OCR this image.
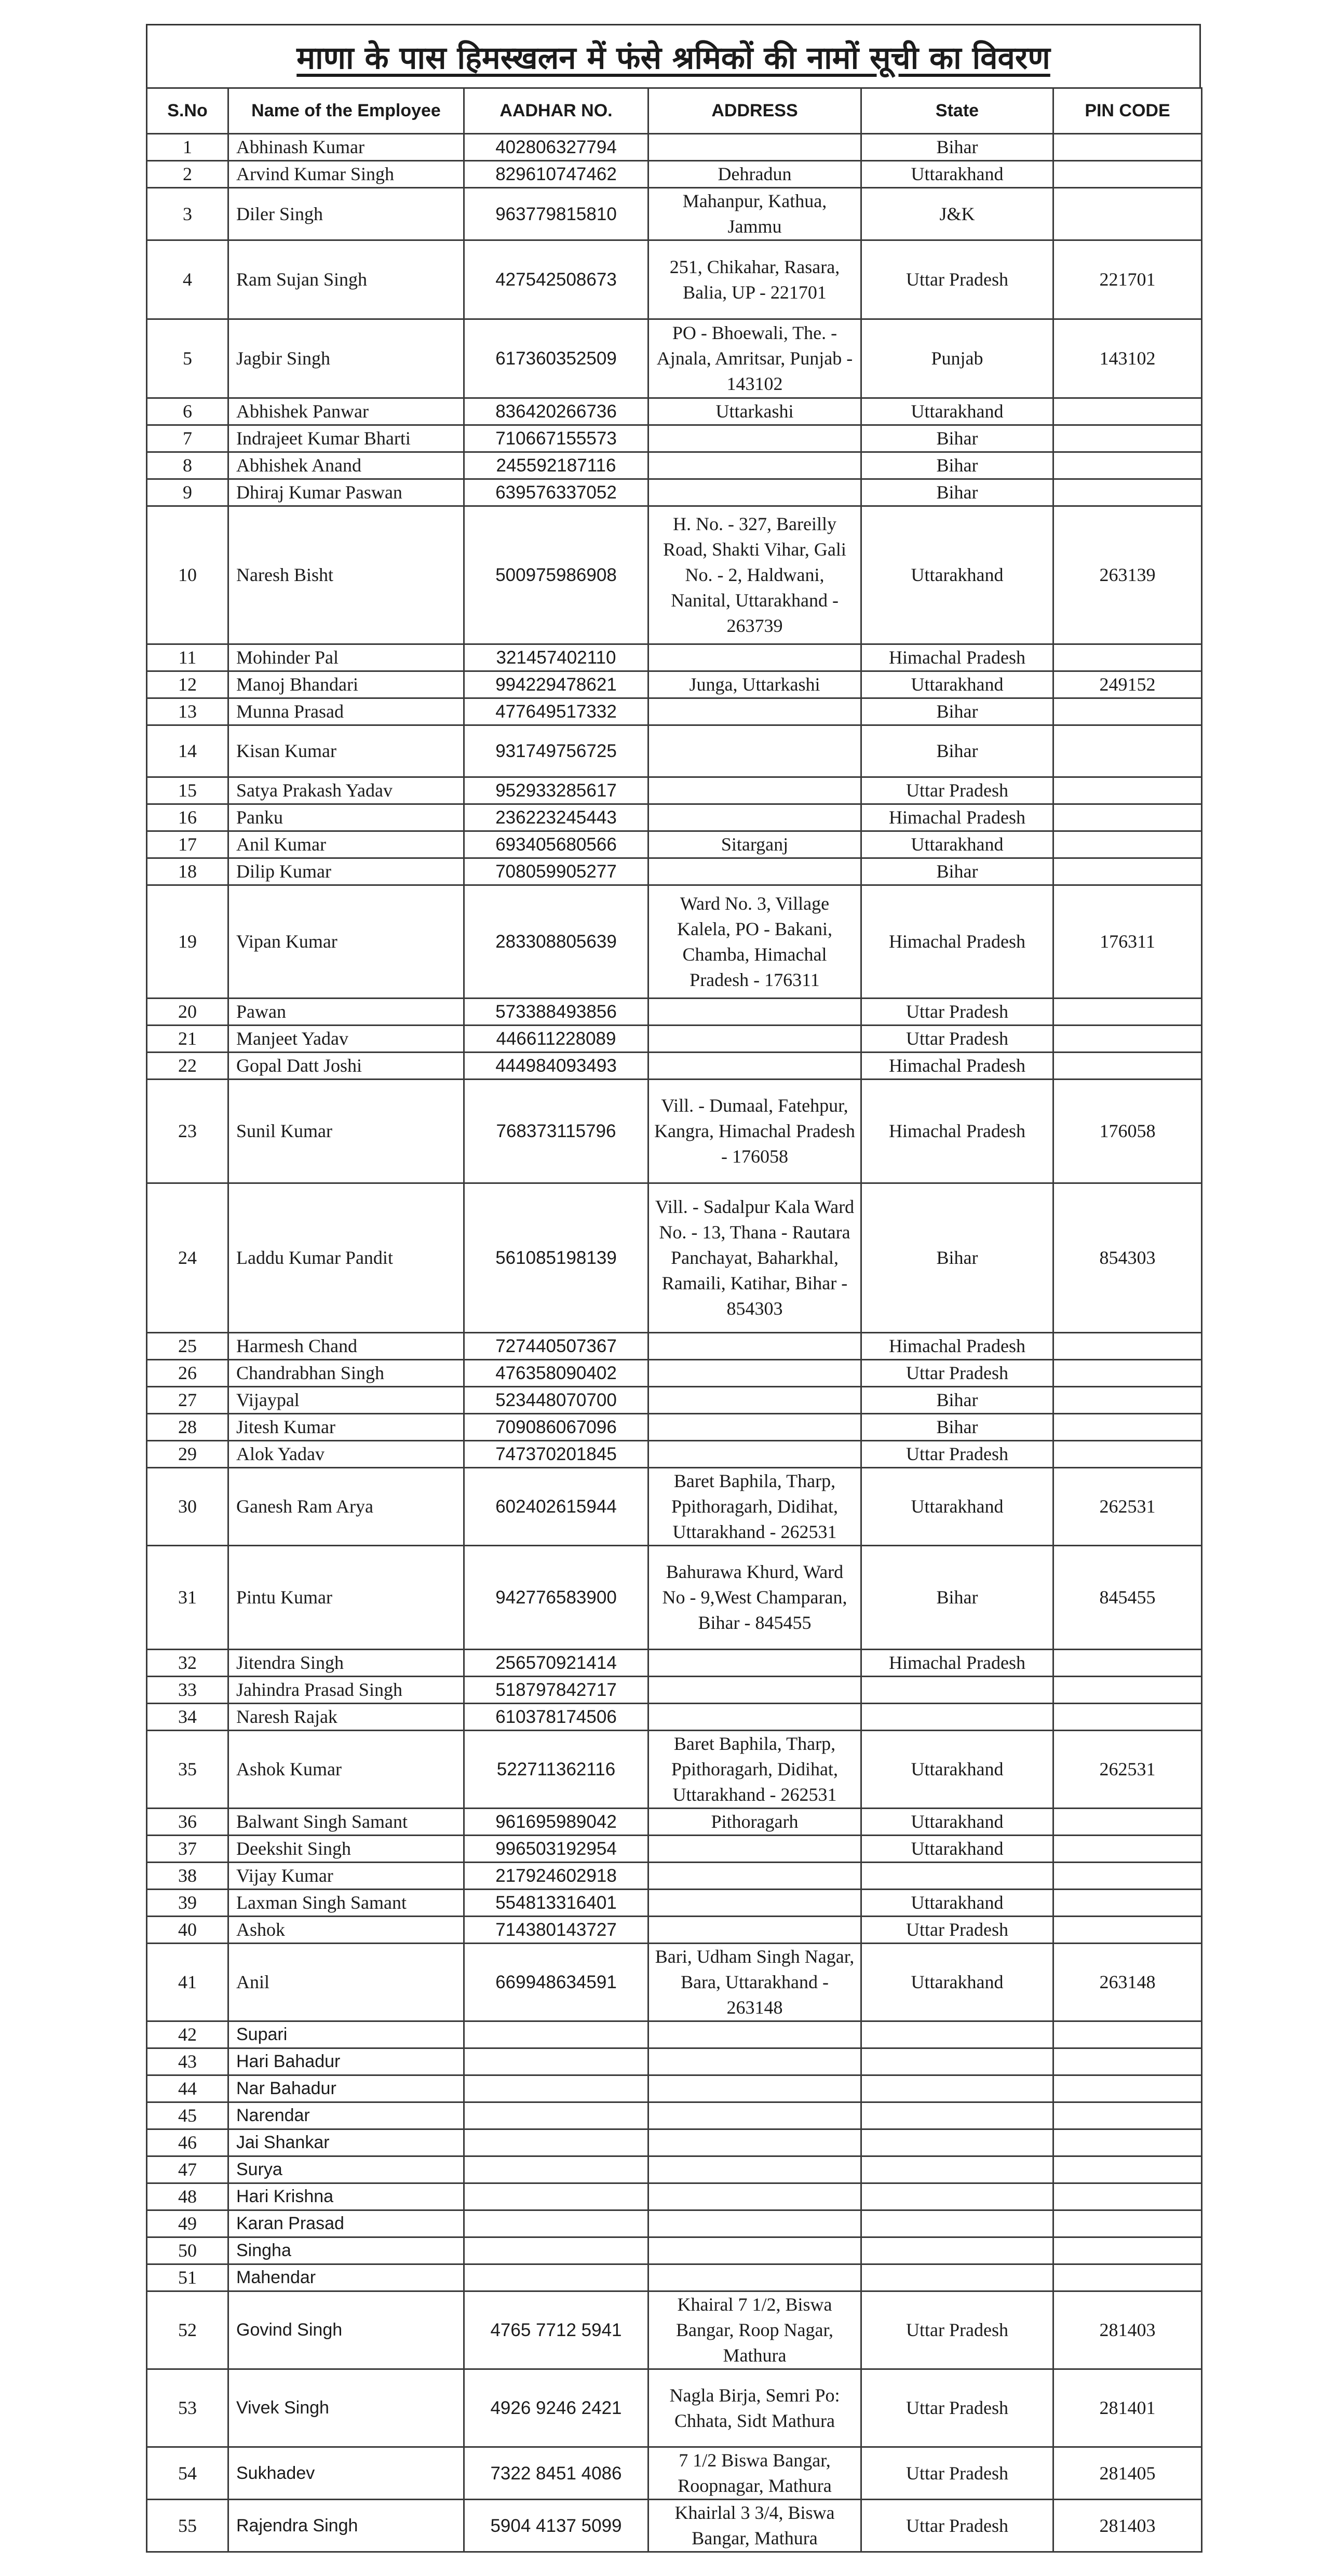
माणा के पास हिमस्खलन में फंसे श्रमिकों की नामों सूची का विवरण
S.No	Name of the Employee	AADHAR NO.	ADDRESS	State	PIN CODE
1	Abhinash Kumar	402806327794		Bihar	
2	Arvind Kumar Singh	829610747462	Dehradun	Uttarakhand	
3	Diler Singh	963779815810	Mahanpur, Kathua, Jammu	J&K	
4	Ram Sujan Singh	427542508673	251, Chikahar, Rasara, Balia, UP - 221701	Uttar Pradesh	221701
5	Jagbir Singh	617360352509	PO - Bhoewali, The. - Ajnala, Amritsar, Punjab - 143102	Punjab	143102
6	Abhishek Panwar	836420266736	Uttarkashi	Uttarakhand	
7	Indrajeet Kumar Bharti	710667155573		Bihar	
8	Abhishek Anand	245592187116		Bihar	
9	Dhiraj Kumar Paswan	639576337052		Bihar	
10	Naresh Bisht	500975986908	H. No. - 327, Bareilly Road, Shakti Vihar, Gali No. - 2, Haldwani, Nanital, Uttarakhand - 263739	Uttarakhand	263139
11	Mohinder Pal	321457402110		Himachal Pradesh	
12	Manoj Bhandari	994229478621	Junga, Uttarkashi	Uttarakhand	249152
13	Munna Prasad	477649517332		Bihar	
14	Kisan Kumar	931749756725		Bihar	
15	Satya Prakash Yadav	952933285617		Uttar Pradesh	
16	Panku	236223245443		Himachal Pradesh	
17	Anil Kumar	693405680566	Sitarganj	Uttarakhand	
18	Dilip Kumar	708059905277		Bihar	
19	Vipan Kumar	283308805639	Ward No. 3, Village Kalela, PO - Bakani, Chamba, Himachal Pradesh - 176311	Himachal Pradesh	176311
20	Pawan	573388493856		Uttar Pradesh	
21	Manjeet Yadav	446611228089		Uttar Pradesh	
22	Gopal Datt Joshi	444984093493		Himachal Pradesh	
23	Sunil Kumar	768373115796	Vill. - Dumaal, Fatehpur, Kangra, Himachal Pradesh - 176058	Himachal Pradesh	176058
24	Laddu Kumar Pandit	561085198139	Vill. - Sadalpur Kala Ward No. - 13, Thana - Rautara Panchayat, Baharkhal, Ramaili, Katihar, Bihar - 854303	Bihar	854303
25	Harmesh Chand	727440507367		Himachal Pradesh	
26	Chandrabhan Singh	476358090402		Uttar Pradesh	
27	Vijaypal	523448070700		Bihar	
28	Jitesh Kumar	709086067096		Bihar	
29	Alok Yadav	747370201845		Uttar Pradesh	
30	Ganesh Ram Arya	602402615944	Baret Baphila, Tharp, Ppithoragarh, Didihat, Uttarakhand - 262531	Uttarakhand	262531
31	Pintu Kumar	942776583900	Bahurawa Khurd, Ward No - 9,West Champaran, Bihar - 845455	Bihar	845455
32	Jitendra Singh	256570921414		Himachal Pradesh	
33	Jahindra Prasad Singh	518797842717			
34	Naresh Rajak	610378174506			
35	Ashok Kumar	522711362116	Baret Baphila, Tharp, Ppithoragarh, Didihat, Uttarakhand - 262531	Uttarakhand	262531
36	Balwant Singh Samant	961695989042	Pithoragarh	Uttarakhand	
37	Deekshit Singh	996503192954		Uttarakhand	
38	Vijay Kumar	217924602918			
39	Laxman Singh Samant	554813316401		Uttarakhand	
40	Ashok	714380143727		Uttar Pradesh	
41	Anil	669948634591	Bari, Udham Singh Nagar, Bara, Uttarakhand - 263148	Uttarakhand	263148
42	Supari				
43	Hari Bahadur				
44	Nar Bahadur				
45	Narendar				
46	Jai Shankar				
47	Surya				
48	Hari Krishna				
49	Karan Prasad				
50	Singha				
51	Mahendar				
52	Govind Singh	4765 7712 5941	Khairal 7 1/2, Biswa Bangar, Roop Nagar, Mathura	Uttar Pradesh	281403
53	Vivek Singh	4926 9246 2421	Nagla Birja, Semri Po: Chhata, Sidt Mathura	Uttar Pradesh	281401
54	Sukhadev	7322 8451 4086	7 1/2 Biswa Bangar, Roopnagar, Mathura	Uttar Pradesh	281405
55	Rajendra Singh	5904 4137 5099	Khairlal 3 3/4, Biswa Bangar, Mathura	Uttar Pradesh	281403
